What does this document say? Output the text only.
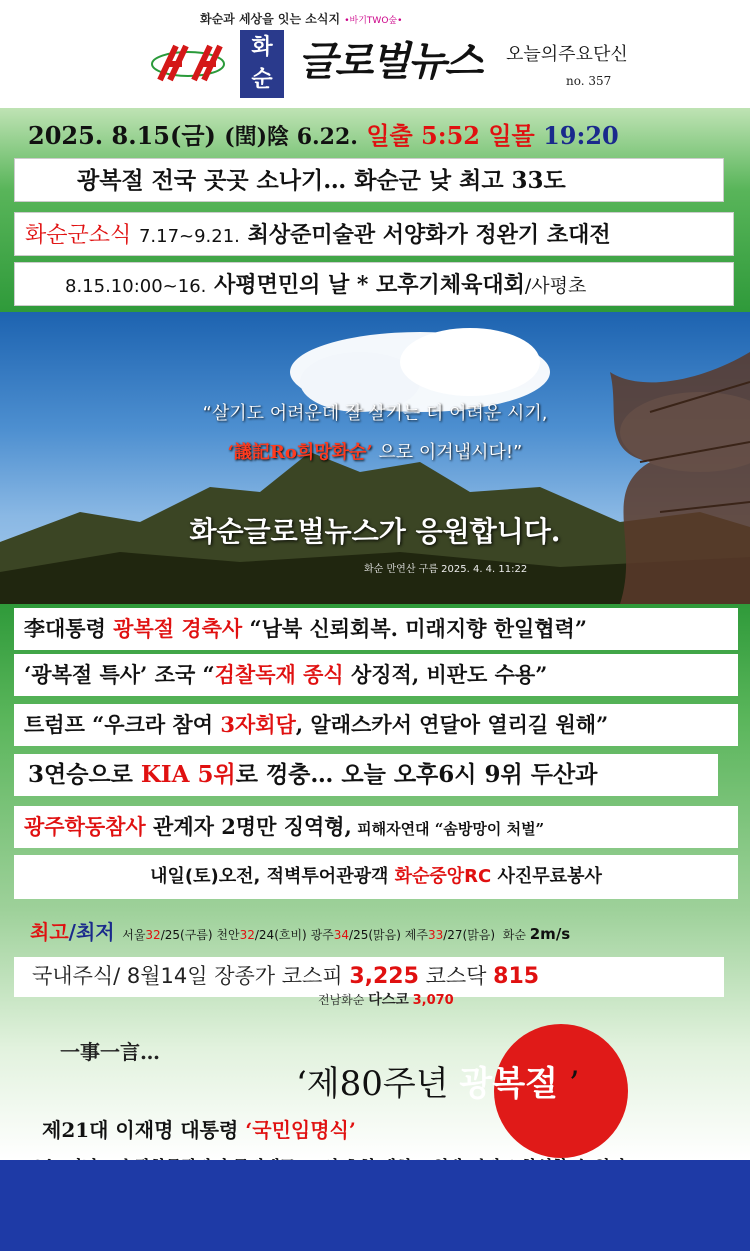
화순과 세상을 잇는 소식지 •바기TWO숲•
화
순 글로벌뉴스 오늘의주요단신
no. 357
2025. 8.15(금) (閏)陰 6.22. 일출 5:52 일몰 19:20
광복절 전국 곳곳 소나기… 화순군 낮 최고 33도
화순군소식 7.17~9.21. 최상준미술관 서양화가 정완기 초대전
8.15.10:00~16. 사평면민의 날 * 모후기체육대회/사평초
“살기도 어려운데 잘 살기는 더 어려운 시기,
‘議記Ro희망화순’ 으로 이겨냅시다!”
화순글로벌뉴스가 응원합니다.
화순 만연산 구름 2025. 4. 4. 11:22
李대통령 광복절 경축사 “남북 신뢰회복. 미래지향 한일협력”
‘광복절 특사’ 조국 “검찰독재 종식 상징적, 비판도 수용”
트럼프 “우크라 참여 3자회담, 알래스카서 연달아 열리길 원해”
3연승으로 KIA 5위로 껑충… 오늘 오후6시 9위 두산과
광주학동참사 관계자 2명만 징역형, 피해자연대 “솜방망이 처벌”
내일(토)오전, 적벽투어관광객 화순중앙RC 사진무료봉사
최고/최저 서울32/25(구름) 천안32/24(흐비) 광주34/25(맑음) 제주33/27(맑음) 화순 2m/s
국내주식/ 8월14일 장종가 코스피 3,225 코스닥 815
전남화순 다스코 3,070
一事一言…
‘제80주년 광복절 ’
제21대 이재명 대통령 ‘국민임명식’
